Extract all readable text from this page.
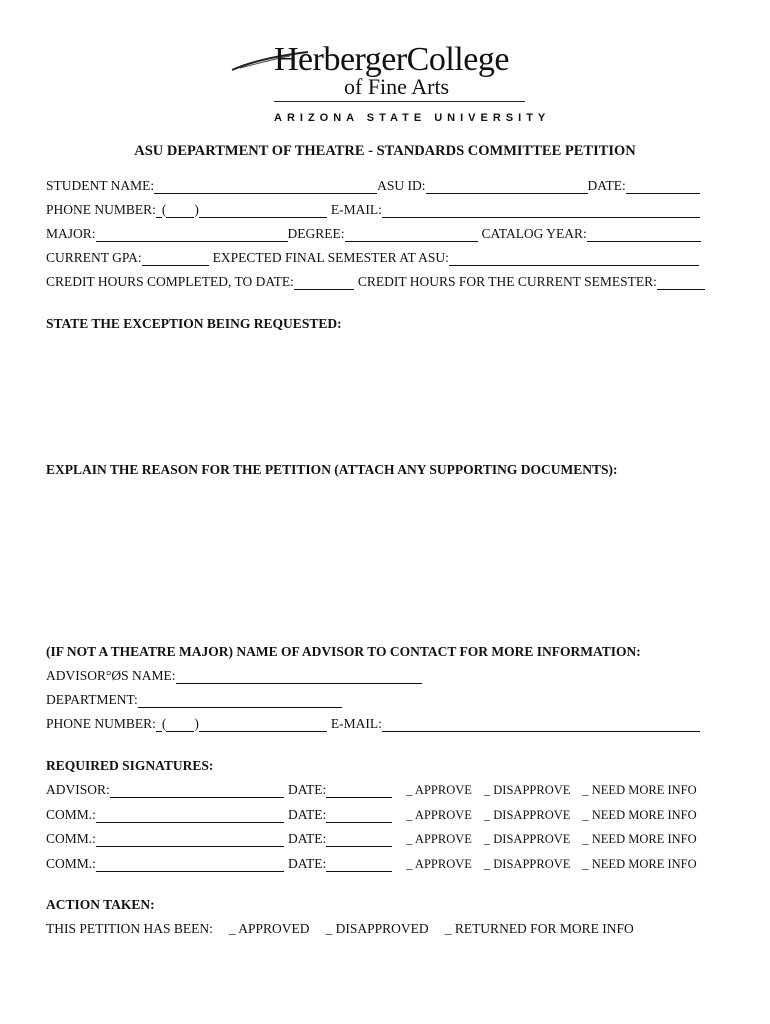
HerbergerCollege
of Fine Arts
ARIZONA STATE UNIVERSITY
ASU DEPARTMENT OF THEATRE - STANDARDS COMMITTEE PETITION
STUDENT NAME:	ASU ID:	DATE:
PHONE NUMBER: ( )	E-MAIL:
MAJOR:	DEGREE:	CATALOG YEAR:
CURRENT GPA:	EXPECTED FINAL SEMESTER AT ASU:
CREDIT HOURS COMPLETED, TO DATE:	CREDIT HOURS FOR THE CURRENT SEMESTER:
STATE THE EXCEPTION BEING REQUESTED:
EXPLAIN THE REASON FOR THE PETITION (ATTACH ANY SUPPORTING DOCUMENTS):
(IF NOT A THEATRE MAJOR) NAME OF ADVISOR TO CONTACT FOR MORE INFORMATION:
ADVISOR°ØS NAME:
DEPARTMENT:
PHONE NUMBER: ( )	E-MAIL:
REQUIRED SIGNATURES:
ADVISOR:	DATE:	_ APPROVE _ DISAPPROVE _ NEED MORE INFO
COMM.:	DATE:	_ APPROVE _ DISAPPROVE _ NEED MORE INFO
COMM.:	DATE:	_ APPROVE _ DISAPPROVE _ NEED MORE INFO
COMM.:	DATE:	_ APPROVE _ DISAPPROVE _ NEED MORE INFO
ACTION TAKEN:
THIS PETITION HAS BEEN: _ APPROVED _ DISAPPROVED _ RETURNED FOR MORE INFO
